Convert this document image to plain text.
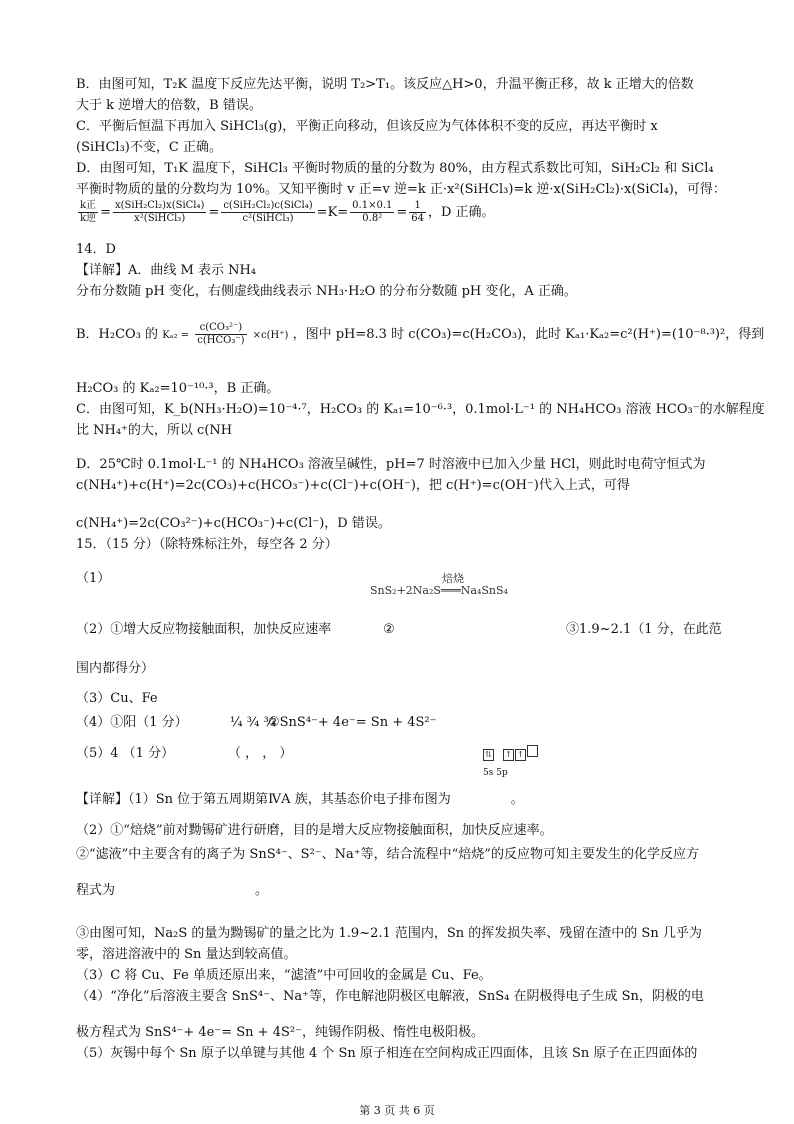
B．由图可知，T₂K 温度下反应先达平衡，说明 T₂>T₁。该反应△H>0，升温平衡正移，故 k 正增大的倍数
大于 k 逆增大的倍数，B 错误。
C．平衡后恒温下再加入 SiHCl₃(g)，平衡正向移动，但该反应为气体体积不变的反应，再达平衡时 x
(SiHCl₃)不变，C 正确。
D．由图可知，T₁K 温度下，SiHCl₃ 平衡时物质的量的分数为 80%，由方程式系数比可知，SiH₂Cl₂ 和 SiCl₄
平衡时物质的量的分数均为 10%。又知平衡时 v 正=v 逆=k 正·x²(SiHCl₃)=k 逆·x(SiH₂Cl₂)·x(SiCl₄)，可得：
$\frac{\text{k正}}{\text{k逆}} = \frac{\text{x(SiH₂Cl₂)x(SiCl₄)}}{\text{x²(SiHCl₃)}} = \frac{\text{c(SiH₂Cl₂)c(SiCl₄)}}{\text{c²(SiHCl₃)}} =K= \frac{0.1\times 0.1}{\text{0.8²}} = \frac{1}{64}$ ，D 正确。
14．D
【详解】A．曲线 M 表示 NH₄
分布分数随 pH 变化，右侧虚线曲线表示 NH₃·H₂O 的分布分数随 pH 变化，A 正确。
B．H₂CO₃ 的 $K_{a2} = \frac{\text{c(CO₃²⁻)}}{\text{c(HCO₃⁻)}} \times c(H^+)$ ，图中 pH=8.3 时 c(CO₃)=c(H₂CO₃)，此时 Kₐ₁·Kₐ₂=c²(H⁺)=(10⁻⁸·³)²，得到
H₂CO₃ 的 Kₐ₂=10⁻¹⁰·³，B 正确。
C．由图可知，K_b(NH₃·H₂O)=10⁻⁴·⁷，H₂CO₃ 的 Kₐ₁=10⁻⁶·³，0.1mol·L⁻¹ 的 NH₄HCO₃ 溶液 HCO₃⁻的水解程度
比 NH₄⁺的大，所以 c(NH
D．25℃时 0.1mol·L⁻¹ 的 NH₄HCO₃ 溶液呈碱性，pH=7 时溶液中已加入少量 HCl，则此时电荷守恒式为
c(NH₄⁺)+c(H⁺)=2c(CO₃)+c(HCO₃⁻)+c(Cl⁻)+c(OH⁻)，把 c(H⁺)=c(OH⁻)代入上式，可得
c(NH₄⁺)=2c(CO₃²⁻)+c(HCO₃⁻)+c(Cl⁻)，D 错误。
15．（15 分）（除特殊标注外，每空各 2 分）
（1）	焙烧
SnS₂+2Na₂S═══Na₄SnS₄
（2）①增大反应物接触面积，加快反应速率	②	③1.9~2.1（1 分，在此范
围内都得分）
（3）Cu、Fe
（4）①阳（1 分）	¼ ¾ ¾
②SnS⁴⁻+ 4e⁻= Sn + 4S²⁻
（5）4 （1 分）	（ ， ， ）	⇅ ↑ ↑
5s 5p
【详解】（1）Sn 位于第五周期第ⅣA 族，其基态价电子排布图为	。
（2）①“焙烧”前对黝锡矿进行研磨，目的是增大反应物接触面积，加快反应速率。
②“滤液”中主要含有的离子为 SnS⁴⁻、S²⁻、Na⁺等，结合流程中“焙烧”的反应物可知主要发生的化学反应方
程式为	。
③由图可知，Na₂S 的量为黝锡矿的量之比为 1.9~2.1 范围内，Sn 的挥发损失率、残留在渣中的 Sn 几乎为
零，溶进溶液中的 Sn 量达到较高值。
（3）C 将 Cu、Fe 单质还原出来，“滤渣”中可回收的金属是 Cu、Fe。
（4）“净化”后溶液主要含 SnS⁴⁻、Na⁺等，作电解池阴极区电解液，SnS₄ 在阴极得电子生成 Sn，阴极的电
极方程式为 SnS⁴⁻+ 4e⁻= Sn + 4S²⁻，纯锡作阴极、惰性电极阳极。
（5）灰锡中每个 Sn 原子以单键与其他 4 个 Sn 原子相连在空间构成正四面体，且该 Sn 原子在正四面体的
第 3 页 共 6 页
